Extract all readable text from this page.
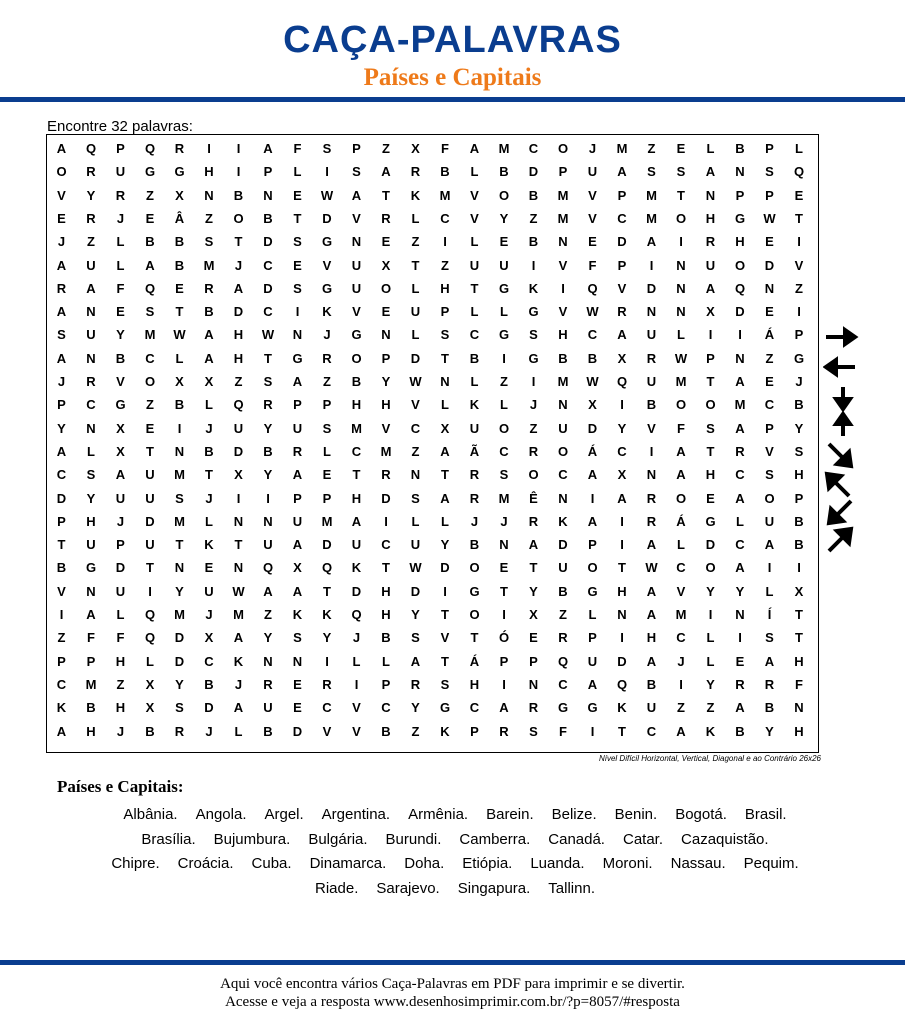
CAÇA-PALAVRAS
Países e Capitais
Encontre 32 palavras:
A	Q	P	Q	R	I	I	A	F	S	P	Z	X	F	A	M	C	O	J	M	Z	E	L	B	P	L
O	R	U	G	G	H	I	P	L	I	S	A	R	B	L	B	D	P	U	A	S	S	A	N	S	Q
V	Y	R	Z	X	N	B	N	E	W	A	T	K	M	V	O	B	M	V	P	M	T	N	P	P	E
E	R	J	E	Â	Z	O	B	T	D	V	R	L	C	V	Y	Z	M	V	C	M	O	H	G	W	T
J	Z	L	B	B	S	T	D	S	G	N	E	Z	I	L	E	B	N	E	D	A	I	R	H	E	I
A	U	L	A	B	M	J	C	E	V	U	X	T	Z	U	U	I	V	F	P	I	N	U	O	D	V
R	A	F	Q	E	R	A	D	S	G	U	O	L	H	T	G	K	I	Q	V	D	N	A	Q	N	Z
A	N	E	S	T	B	D	C	I	K	V	E	U	P	L	L	G	V	W	R	N	N	X	D	E	I
S	U	Y	M	W	A	H	W	N	J	G	N	L	S	C	G	S	H	C	A	U	L	I	I	Á	P
A	N	B	C	L	A	H	T	G	R	O	P	D	T	B	I	G	B	B	X	R	W	P	N	Z	G
J	R	V	O	X	X	Z	S	A	Z	B	Y	W	N	L	Z	I	M	W	Q	U	M	T	A	E	J
P	C	G	Z	B	L	Q	R	P	P	H	H	V	L	K	L	J	N	X	I	B	O	O	M	C	B
Y	N	X	E	I	J	U	Y	U	S	M	V	C	X	U	O	Z	U	D	Y	V	F	S	A	P	Y
A	L	X	T	N	B	D	B	R	L	C	M	Z	A	Ã	C	R	O	Á	C	I	A	T	R	V	S
C	S	A	U	M	T	X	Y	A	E	T	R	N	T	R	S	O	C	A	X	N	A	H	C	S	H
D	Y	U	U	S	J	I	I	P	P	H	D	S	A	R	M	Ê	N	I	A	R	O	E	A	O	P
P	H	J	D	M	L	N	N	U	M	A	I	L	L	J	J	R	K	A	I	R	Á	G	L	U	B
T	U	P	U	T	K	T	U	A	D	U	C	U	Y	B	N	A	D	P	I	A	L	D	C	A	B
B	G	D	T	N	E	N	Q	X	Q	K	T	W	D	O	E	T	U	O	T	W	C	O	A	I	I
V	N	U	I	Y	U	W	A	A	T	D	H	D	I	G	T	Y	B	G	H	A	V	Y	Y	L	X
I	A	L	Q	M	J	M	Z	K	K	Q	H	Y	T	O	I	X	Z	L	N	A	M	I	N	Í	T
Z	F	F	Q	D	X	A	Y	S	Y	J	B	S	V	T	Ó	E	R	P	I	H	C	L	I	S	T
P	P	H	L	D	C	K	N	N	I	L	L	A	T	Á	P	P	Q	U	D	A	J	L	E	A	H
C	M	Z	X	Y	B	J	R	E	R	I	P	R	S	H	I	N	C	A	Q	B	I	Y	R	R	F
K	B	H	X	S	D	A	U	E	C	V	C	Y	G	C	A	R	G	G	K	U	Z	Z	A	B	N
A	H	J	B	R	J	L	B	D	V	V	B	Z	K	P	R	S	F	I	T	C	A	K	B	Y	H
Nível Difícil Horizontal, Vertical, Diagonal e ao Contrário 26x26
Países e Capitais:
Albânia. Angola. Argel. Argentina. Armênia. Barein. Belize. Benin. Bogotá. Brasil.
Brasília. Bujumbura. Bulgária. Burundi. Camberra. Canadá. Catar. Cazaquistão.
Chipre. Croácia. Cuba. Dinamarca. Doha. Etiópia. Luanda. Moroni. Nassau. Pequim.
Riade. Sarajevo. Singapura. Tallinn.
Aqui você encontra vários Caça-Palavras em PDF para imprimir e se divertir.
Acesse e veja a resposta www.desenhosimprimir.com.br/?p=8057/#resposta
